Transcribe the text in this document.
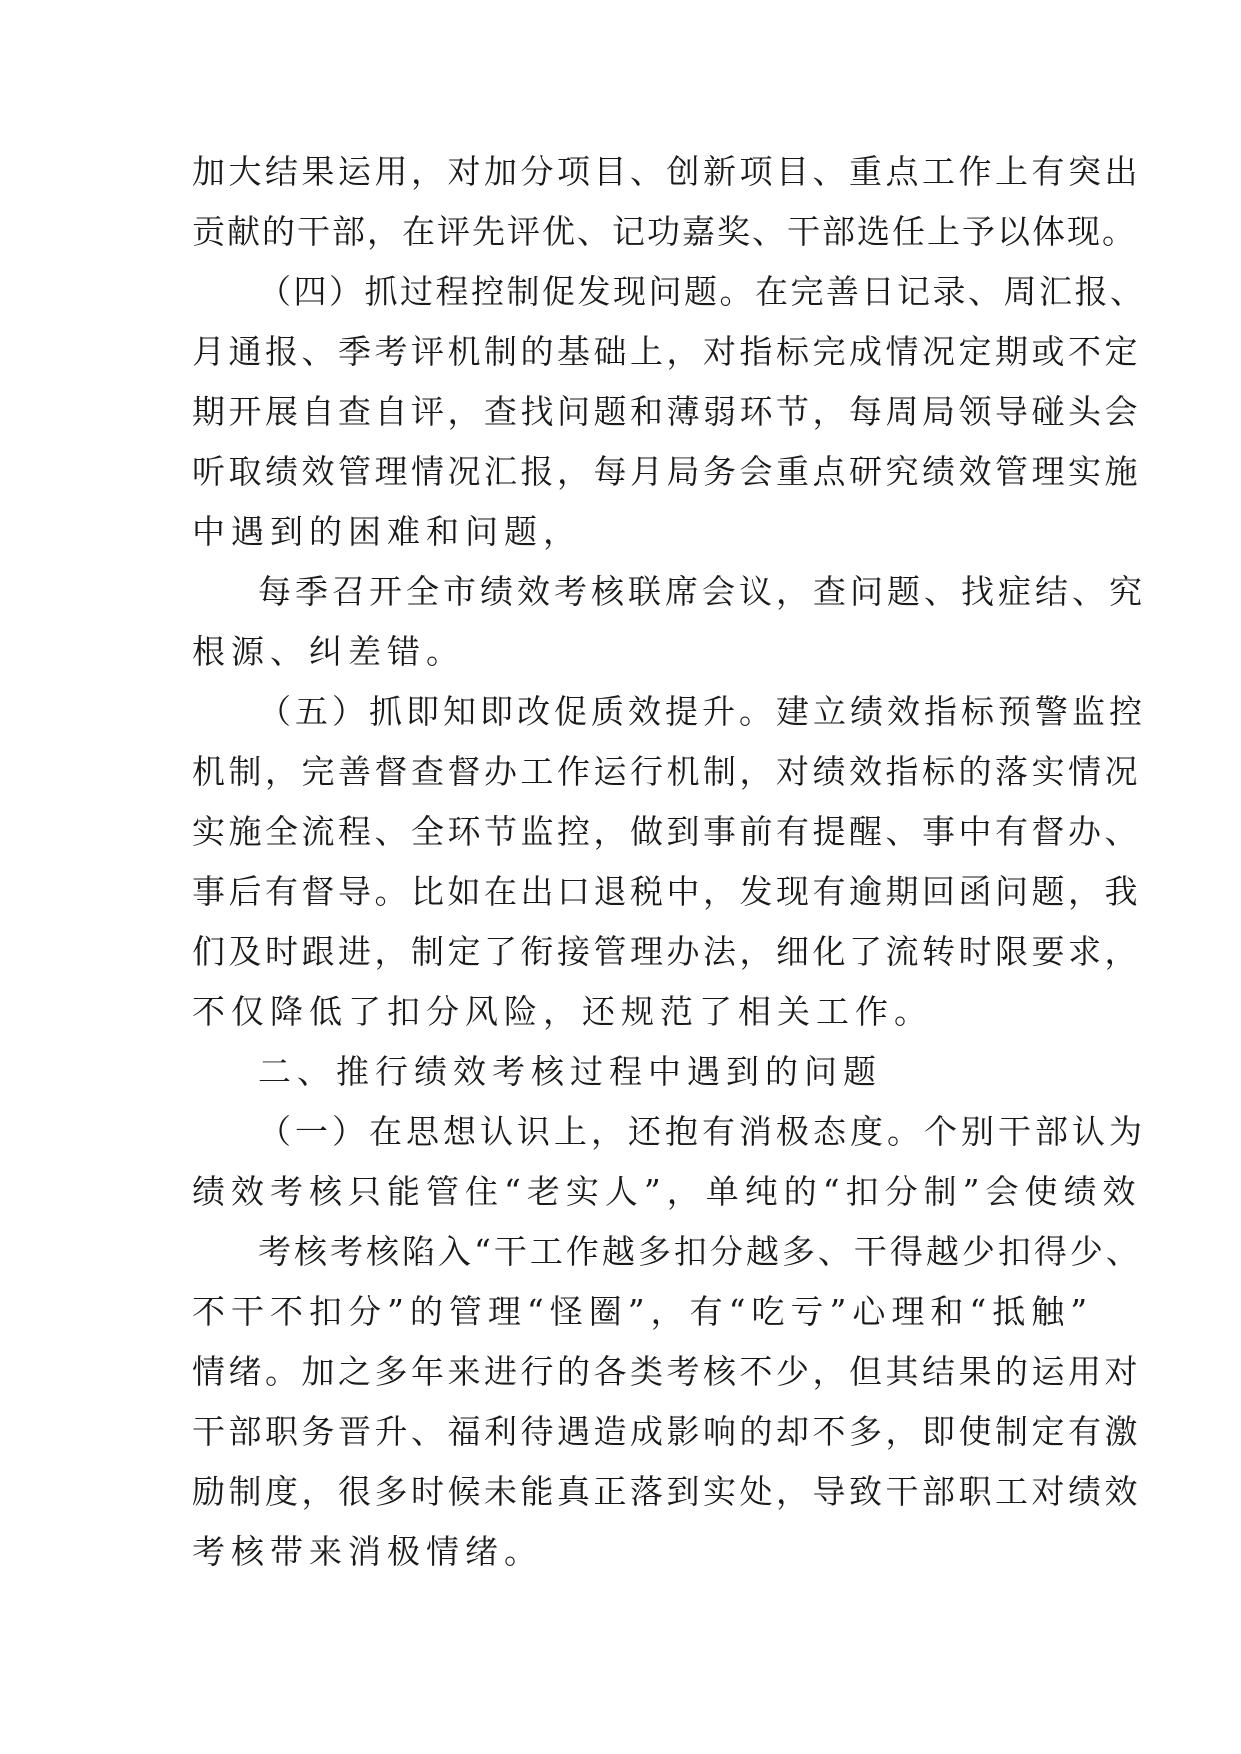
加大结果运用，对加分项目、创新项目、重点工作上有突出
贡献的干部，在评先评优、记功嘉奖、干部选任上予以体现。
（四）抓过程控制促发现问题。在完善日记录、周汇报、
月通报、季考评机制的基础上，对指标完成情况定期或不定
期开展自查自评，查找问题和薄弱环节，每周局领导碰头会
听取绩效管理情况汇报，每月局务会重点研究绩效管理实施
中遇到的困难和问题，
每季召开全市绩效考核联席会议，查问题、找症结、究
根源、纠差错。
（五）抓即知即改促质效提升。建立绩效指标预警监控
机制，完善督查督办工作运行机制，对绩效指标的落实情况
实施全流程、全环节监控，做到事前有提醒、事中有督办、
事后有督导。比如在出口退税中，发现有逾期回函问题，我
们及时跟进，制定了衔接管理办法，细化了流转时限要求，
不仅降低了扣分风险，还规范了相关工作。
二、推行绩效考核过程中遇到的问题
（一）在思想认识上，还抱有消极态度。个别干部认为
绩效考核只能管住“老实人”，单纯的“扣分制”会使绩效
考核考核陷入“干工作越多扣分越多、干得越少扣得少、
不干不扣分”的管理“怪圈”，有“吃亏”心理和“抵触”
情绪。加之多年来进行的各类考核不少，但其结果的运用对
干部职务晋升、福利待遇造成影响的却不多，即使制定有激
励制度，很多时候未能真正落到实处，导致干部职工对绩效
考核带来消极情绪。
